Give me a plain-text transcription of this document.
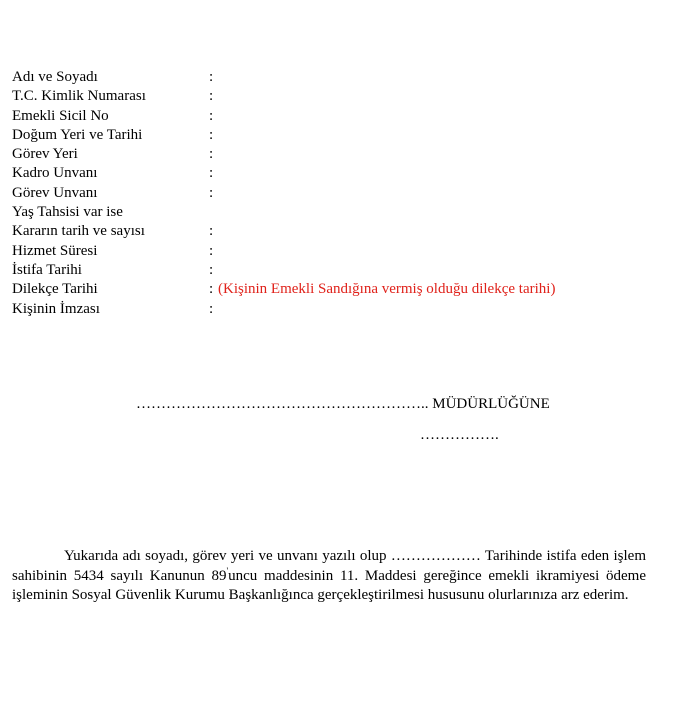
Adı ve Soyadı	:
T.C. Kimlik Numarası	:
Emekli Sicil No	:
Doğum Yeri ve Tarihi	:
Görev Yeri	:
Kadro Unvanı	:
Görev Unvanı	:
Yaş Tahsisi var ise
Kararın tarih ve sayısı	:
Hizmet Süresi	:
İstifa Tarihi	:
Dilekçe Tarihi	: (Kişinin Emekli Sandığına vermiş olduğu dilekçe tarihi)
Kişinin İmzası	:
………………………………………………….. MÜDÜRLÜĞÜNE
…………….

Yukarıda adı soyadı, görev yeri ve unvanı yazılı olup ……………… Tarihinde istifa eden işlem sahibinin 5434 sayılı Kanunun 89'uncu maddesinin 11. Maddesi gereğince emekli ikramiyesi ödeme işleminin Sosyal Güvenlik Kurumu Başkanlığınca gerçekleştirilmesi hususunu olurlarınıza arz ederim.
